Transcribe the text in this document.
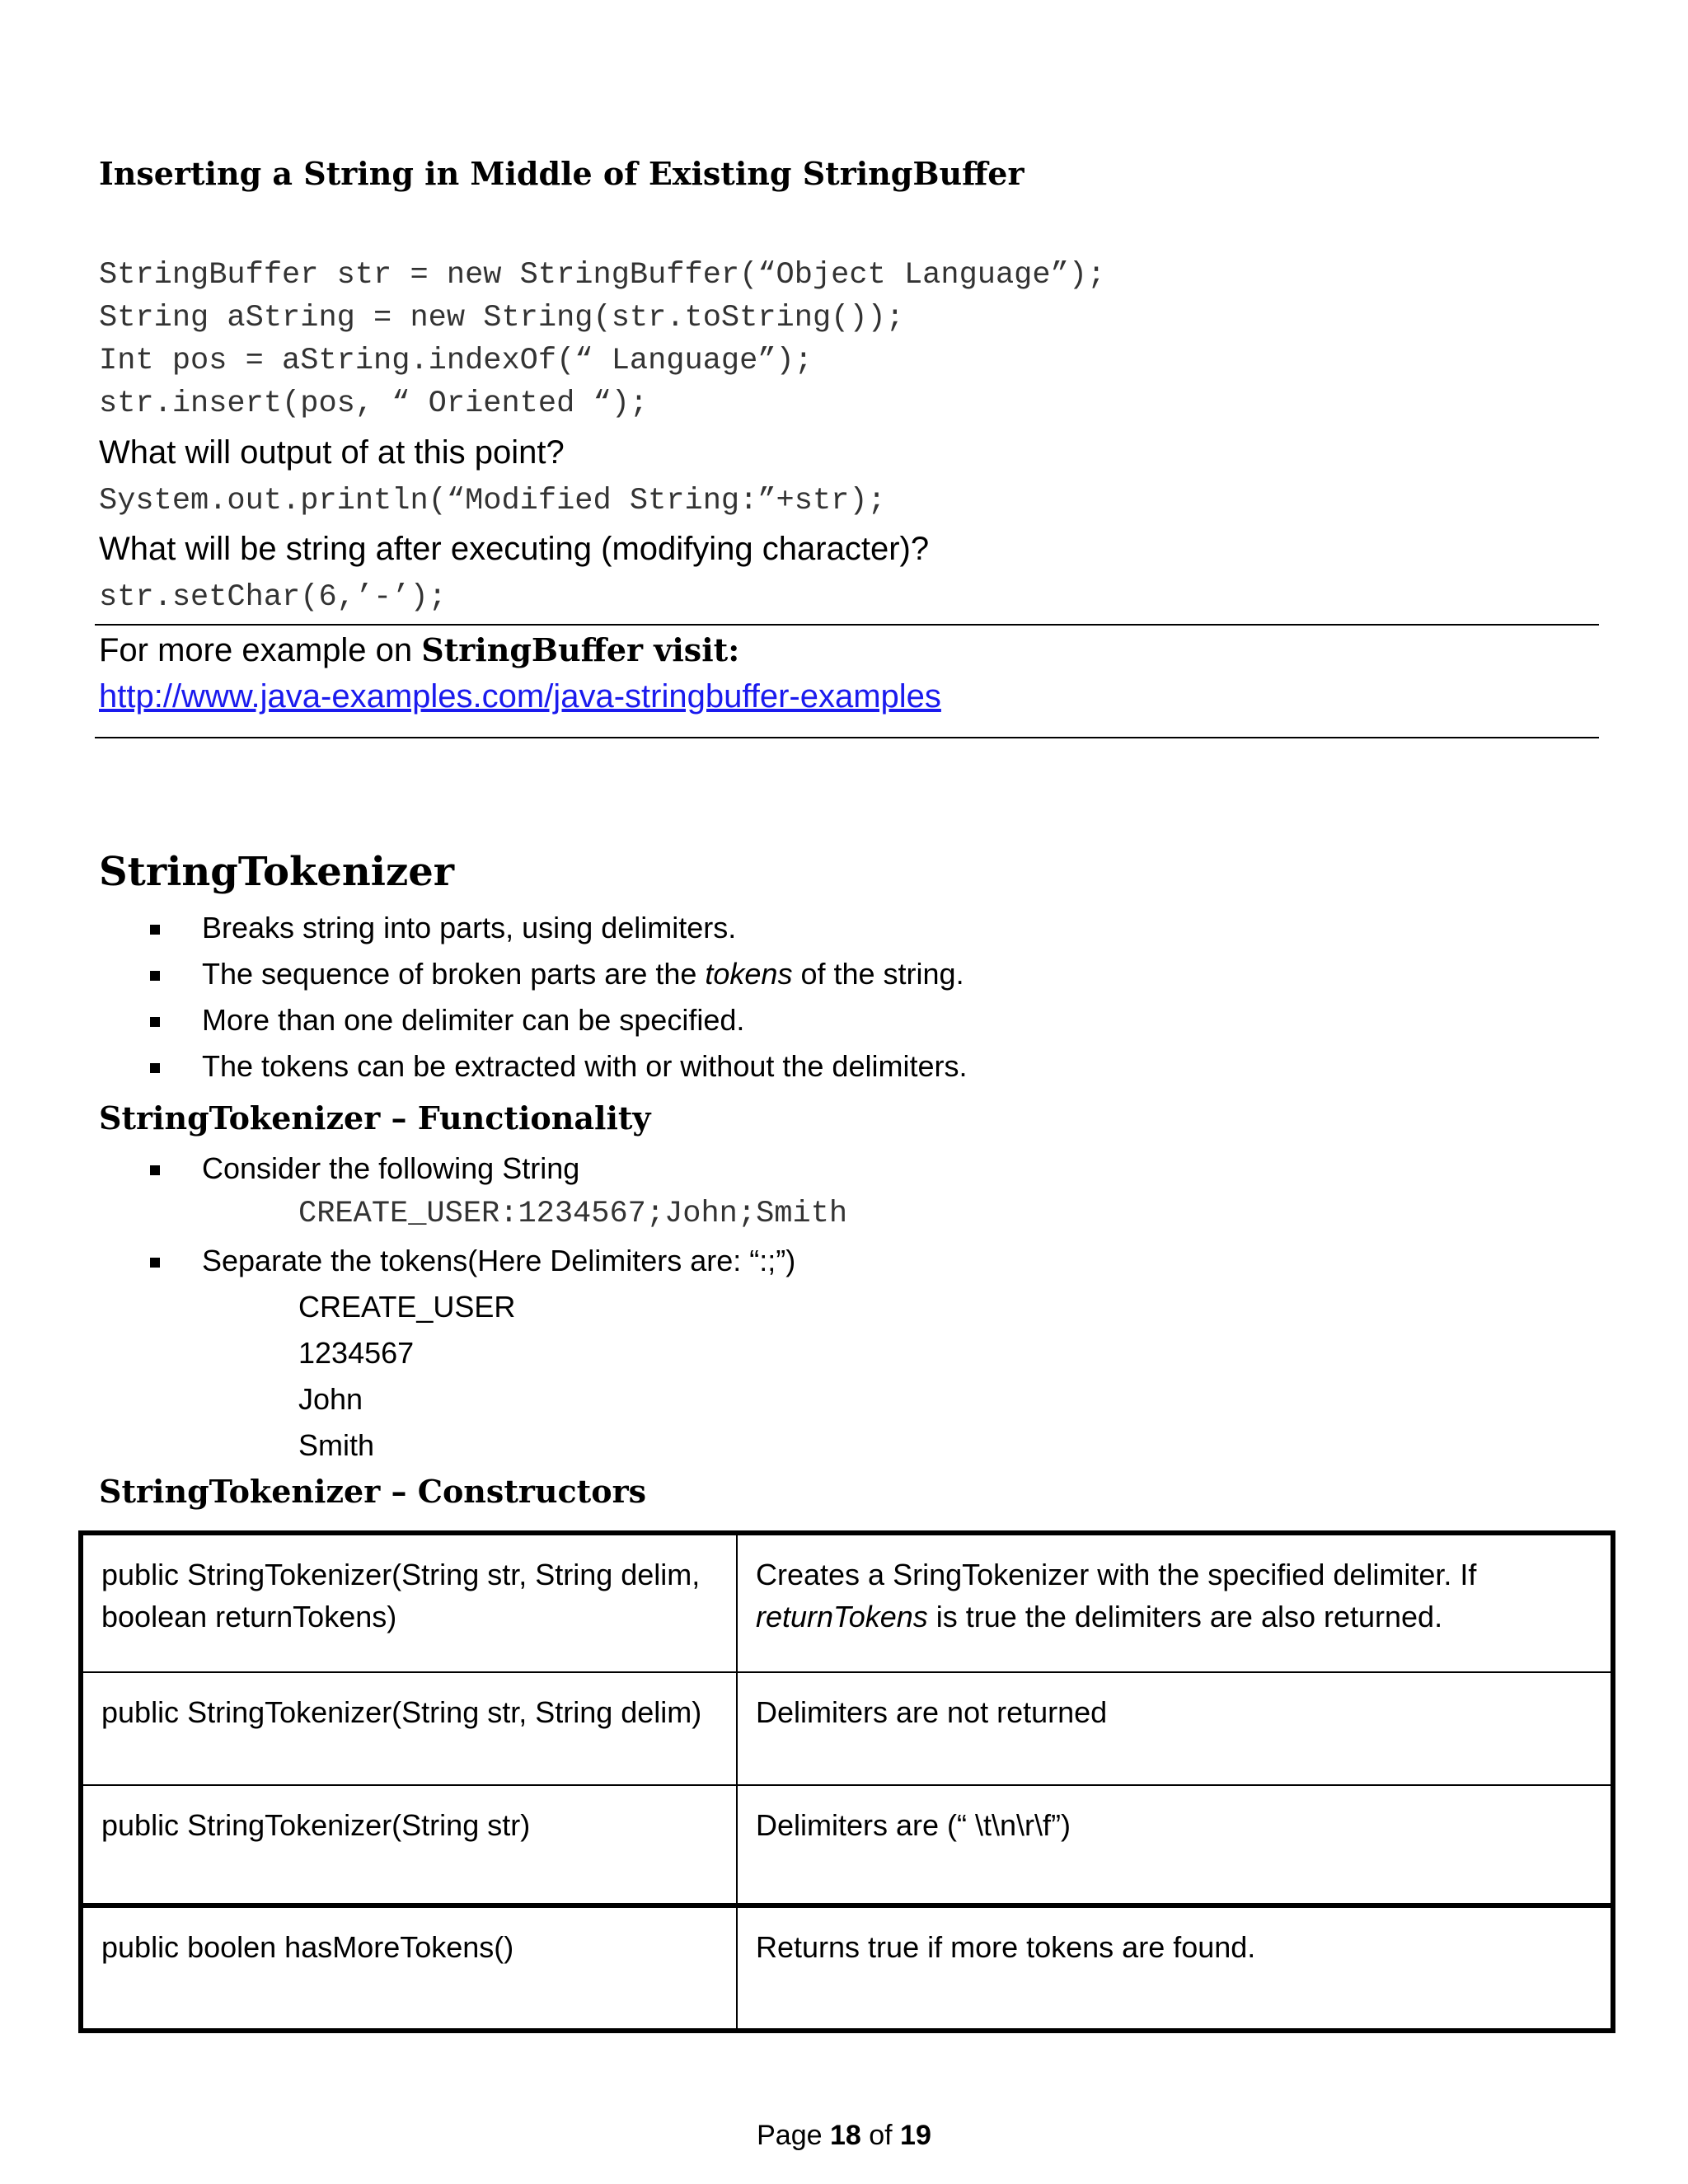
Inserting a String in Middle of Existing StringBuffer
StringBuffer str = new StringBuffer(“Object Language”);
String aString = new String(str.toString());
Int pos = aString.indexOf(“ Language”);
str.insert(pos, “ Oriented “);
What will output of at this point?
System.out.println(“Modified String:”+str);
What will be string after executing (modifying character)?
str.setChar(6,’-’);
For more example on StringBuffer visit:
http://www.java-examples.com/java-stringbuffer-examples
StringTokenizer
Breaks string into parts, using delimiters.
The sequence of broken parts are the tokens of the string.
More than one delimiter can be specified.
The tokens can be extracted with or without the delimiters.
StringTokenizer – Functionality
Consider the following String
CREATE_USER:1234567;John;Smith
Separate the tokens(Here Delimiters are: “:;”)
CREATE_USER
1234567
John
Smith
StringTokenizer – Constructors
public StringTokenizer(String str, String delim, boolean returnTokens)	Creates a SringTokenizer with the specified delimiter. If returnTokens is true the delimiters are also returned.
public StringTokenizer(String str, String delim)	Delimiters are not returned
public StringTokenizer(String str)	Delimiters are (“ \t\n\r\f”)
public boolen hasMoreTokens()	Returns true if more tokens are found.
Page 18 of 19
